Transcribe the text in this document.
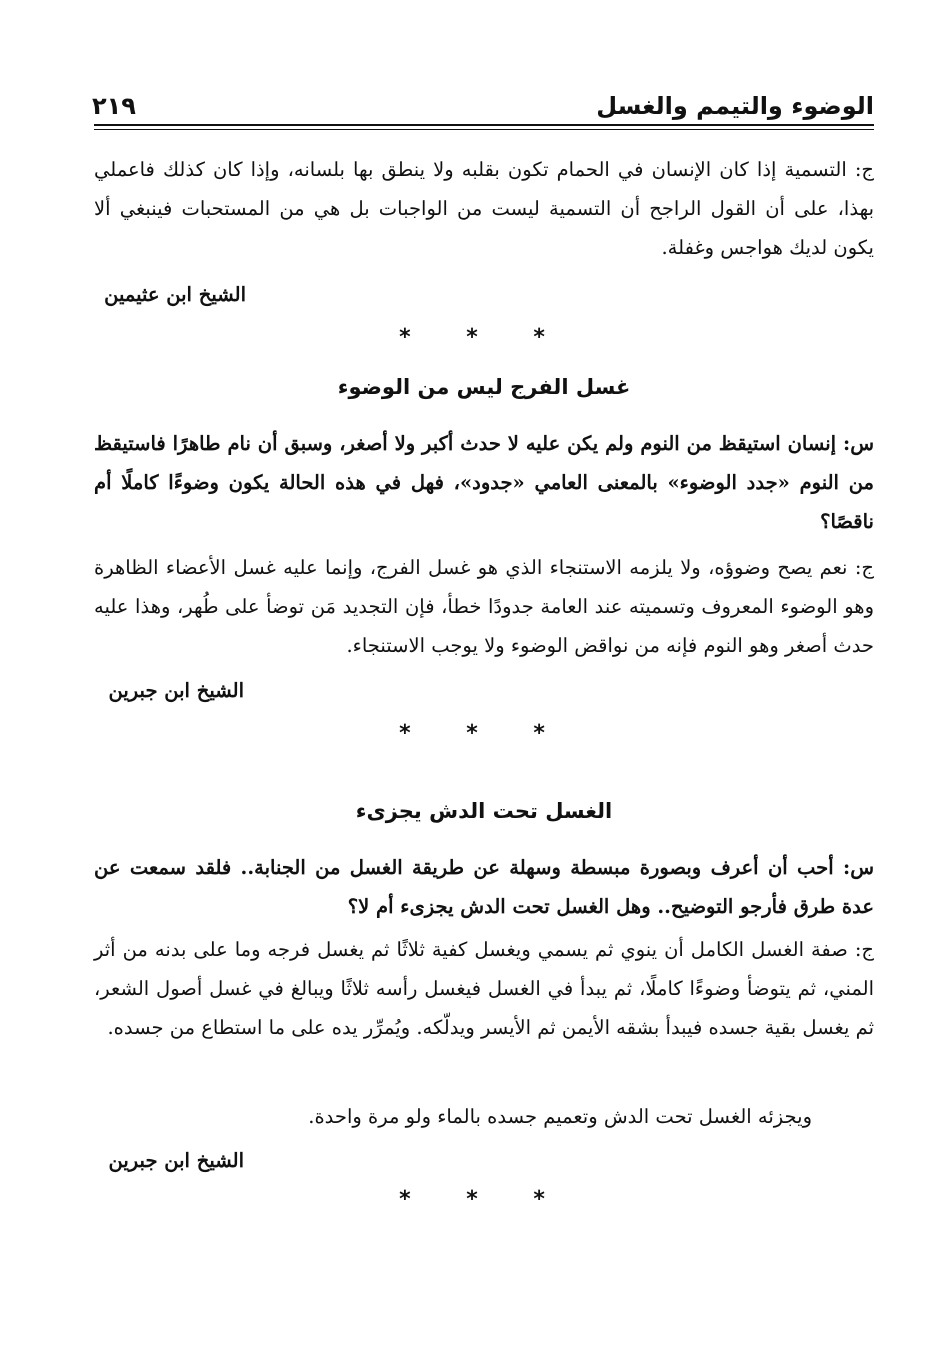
الوضوء والتيمم والغسل
٢١٩

ج: التسمية إذا كان الإنسان في الحمام تكون بقلبه ولا ينطق بها بلسانه، وإذا كان كذلك فاعملي بهذا، على أن القول الراجح أن التسمية ليست من الواجبات بل هي من المستحبات فينبغي ألا يكون لديك هواجس وغفلة.

الشيخ ابن عثيمين
* * *
غسل الفرج ليس من الوضوء

س: إنسان استيقظ من النوم ولم يكن عليه لا حدث أكبر ولا أصغر، وسبق أن نام طاهرًا فاستيقظ من النوم «جدد الوضوء» بالمعنى العامي «جدود»، فهل في هذه الحالة يكون وضوءًا كاملًا أم ناقصًا؟

ج: نعم يصح وضوؤه، ولا يلزمه الاستنجاء الذي هو غسل الفرج، وإنما عليه غسل الأعضاء الظاهرة وهو الوضوء المعروف وتسميته عند العامة جدودًا خطأ، فإن التجديد مَن توضأ على طُهر، وهذا عليه حدث أصغر وهو النوم فإنه من نواقض الوضوء ولا يوجب الاستنجاء.

الشيخ ابن جبرين
* * *
الغسل تحت الدش يجزىء

س: أحب أن أعرف وبصورة مبسطة وسهلة عن طريقة الغسل من الجنابة.. فلقد سمعت عن عدة طرق فأرجو التوضيح.. وهل الغسل تحت الدش يجزىء أم لا؟

ج: صفة الغسل الكامل أن ينوي ثم يسمي ويغسل كفية ثلاثًا ثم يغسل فرجه وما على بدنه من أثر المني، ثم يتوضأ وضوءًا كاملًا، ثم يبدأ في الغسل فيغسل رأسه ثلاثًا ويبالغ في غسل أصول الشعر، ثم يغسل بقية جسده فيبدأ بشقه الأيمن ثم الأيسر ويدلّكه. ويُمرِّر يده على ما استطاع من جسده.

ويجزئه الغسل تحت الدش وتعميم جسده بالماء ولو مرة واحدة.
الشيخ ابن جبرين
* * *
